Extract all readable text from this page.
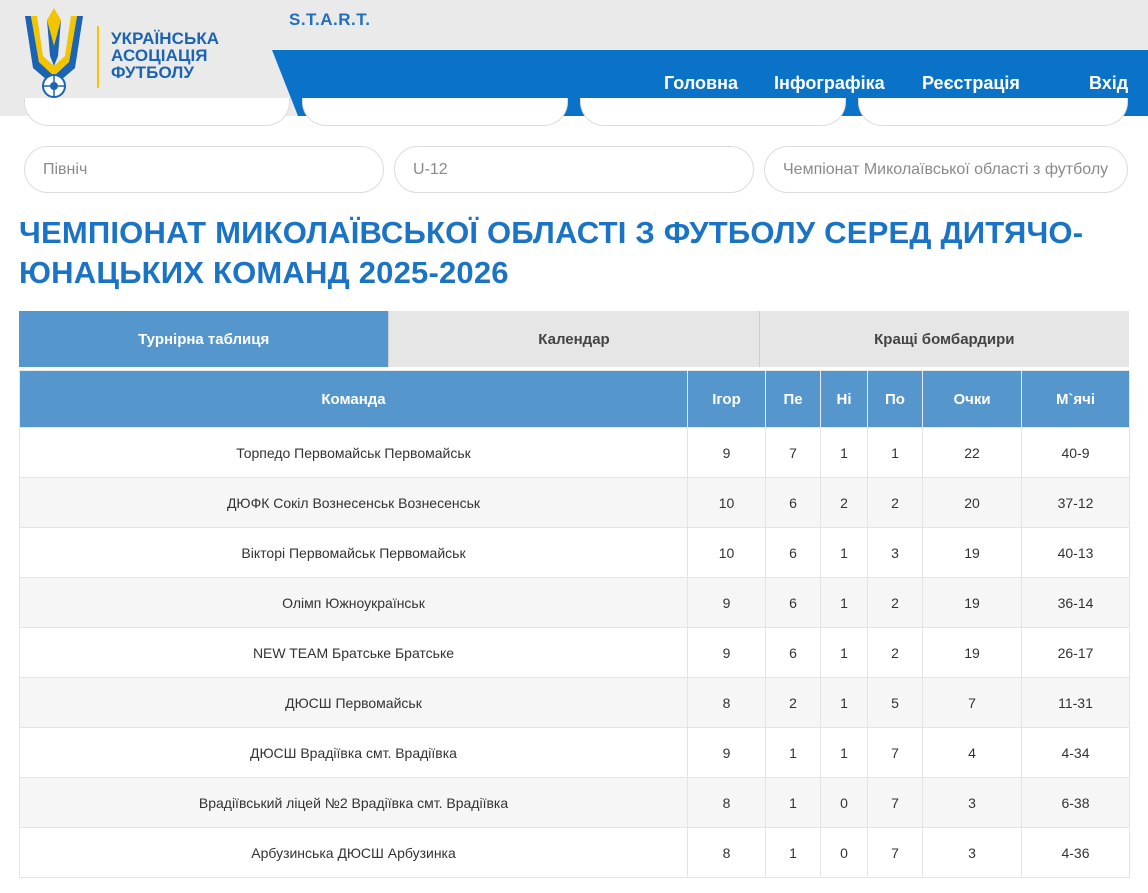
УКРАЇНСЬКА
АСОЦІАЦІЯ
ФУТБОЛУ
S.T.A.R.T.
Головна Інфографіка Реєстрація	Вхід
Північ	U-12	Чемпіонат Миколаївської області з футболу
ЧЕМПІОНАТ МИКОЛАЇВСЬКОЇ ОБЛАСТІ З ФУТБОЛУ СЕРЕД ДИТЯЧО-ЮНАЦЬКИХ КОМАНД 2025-2026
Турнірна таблиця	Календар	Кращі бомбардири
Команда	Ігор	Пе	Ні	По	Очки	М`ячі
Торпедо Первомайськ Первомайськ	9	7	1	1	22	40-9
ДЮФК Сокіл Вознесенськ Вознесенськ	10	6	2	2	20	37-12
Вікторі Первомайськ Первомайськ	10	6	1	3	19	40-13
Олімп Южноукраїнськ	9	6	1	2	19	36-14
NEW TEAM Братське Братське	9	6	1	2	19	26-17
ДЮСШ Первомайськ	8	2	1	5	7	11-31
ДЮСШ Врадіївка смт. Врадіївка	9	1	1	7	4	4-34
Врадіївський ліцей №2 Врадіївка смт. Врадіївка	8	1	0	7	3	6-38
Арбузинська ДЮСШ Арбузинка	8	1	0	7	3	4-36
